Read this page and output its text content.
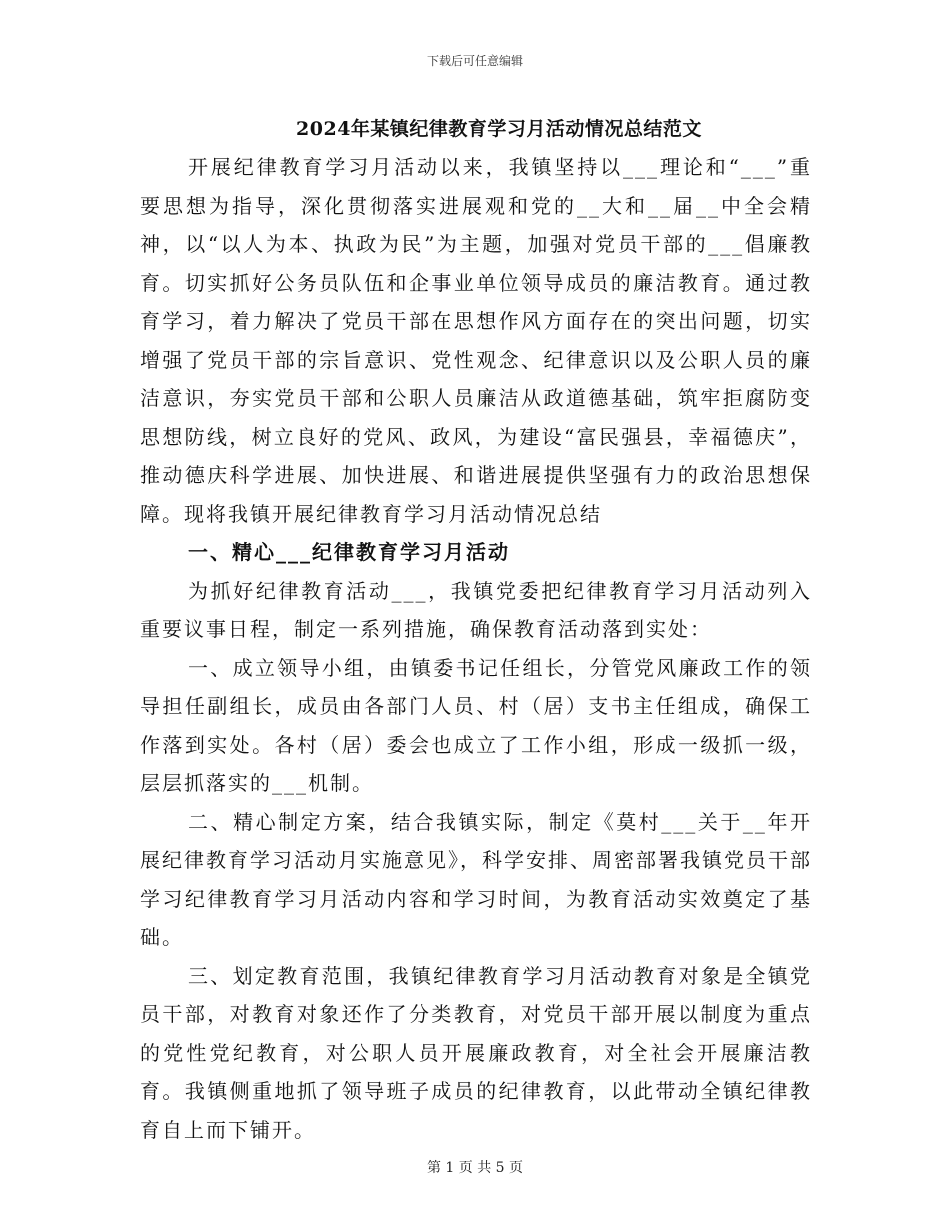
下载后可任意编辑
2024年某镇纪律教育学习月活动情况总结范文

开展纪律教育学习月活动以来，我镇坚持以___理论和“___”重要思想为指导，深化贯彻落实进展观和党的__大和__届__中全会精神，以“以人为本、执政为民”为主题，加强对党员干部的___倡廉教育。切实抓好公务员队伍和企事业单位领导成员的廉洁教育。通过教育学习，着力解决了党员干部在思想作风方面存在的突出问题，切实增强了党员干部的宗旨意识、党性观念、纪律意识以及公职人员的廉洁意识，夯实党员干部和公职人员廉洁从政道德基础，筑牢拒腐防变思想防线，树立良好的党风、政风，为建设“富民强县，幸福德庆”，推动德庆科学进展、加快进展、和谐进展提供坚强有力的政治思想保障。现将我镇开展纪律教育学习月活动情况总结

一、精心___纪律教育学习月活动

为抓好纪律教育活动___，我镇党委把纪律教育学习月活动列入重要议事日程，制定一系列措施，确保教育活动落到实处：

一、成立领导小组，由镇委书记任组长，分管党风廉政工作的领导担任副组长，成员由各部门人员、村（居）支书主任组成，确保工作落到实处。各村（居）委会也成立了工作小组，形成一级抓一级，层层抓落实的___机制。

二、精心制定方案，结合我镇实际，制定《莫村___关于__年开展纪律教育学习活动月实施意见》，科学安排、周密部署我镇党员干部学习纪律教育学习月活动内容和学习时间，为教育活动实效奠定了基础。

三、划定教育范围，我镇纪律教育学习月活动教育对象是全镇党员干部，对教育对象还作了分类教育，对党员干部开展以制度为重点的党性党纪教育，对公职人员开展廉政教育，对全社会开展廉洁教育。我镇侧重地抓了领导班子成员的纪律教育，以此带动全镇纪律教育自上而下铺开。

第 1 页 共 5 页
